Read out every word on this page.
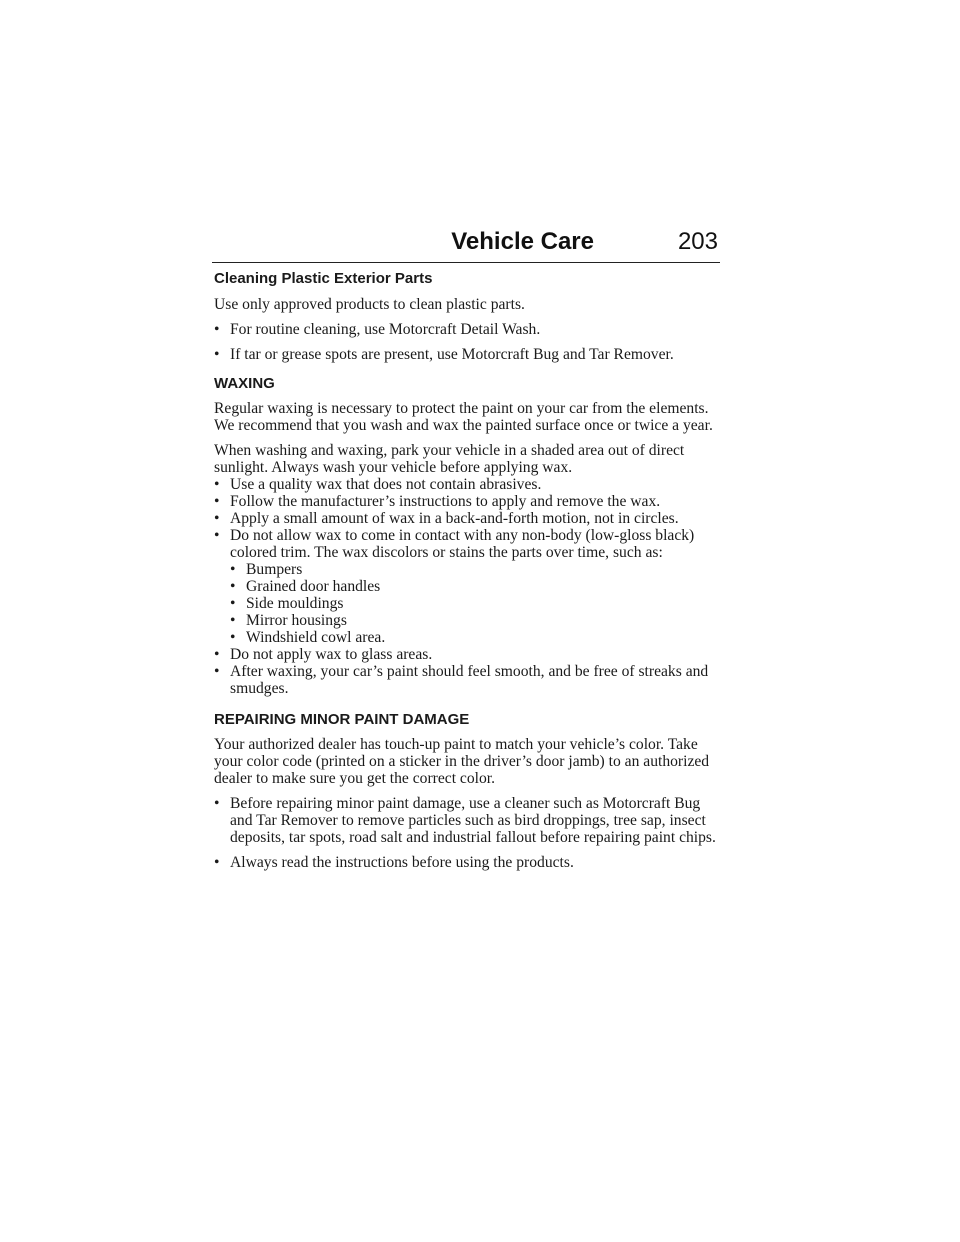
Vehicle Care	203
Cleaning Plastic Exterior Parts

Use only approved products to clean plastic parts.

• For routine cleaning, use Motorcraft Detail Wash.
• If tar or grease spots are present, use Motorcraft Bug and Tar Remover.
WAXING

Regular waxing is necessary to protect the paint on your car from the elements. We recommend that you wash and wax the painted surface once or twice a year.

When washing and waxing, park your vehicle in a shaded area out of direct sunlight. Always wash your vehicle before applying wax.

• Use a quality wax that does not contain abrasives.
• Follow the manufacturer’s instructions to apply and remove the wax.
• Apply a small amount of wax in a back-and-forth motion, not in circles.
• Do not allow wax to come in contact with any non-body (low-gloss black) colored trim. The wax discolors or stains the parts over time, such as:
• Bumpers
• Grained door handles
• Side mouldings
• Mirror housings
• Windshield cowl area.
• Do not apply wax to glass areas.
• After waxing, your car’s paint should feel smooth, and be free of streaks and smudges.
REPAIRING MINOR PAINT DAMAGE

Your authorized dealer has touch-up paint to match your vehicle’s color. Take your color code (printed on a sticker in the driver’s door jamb) to an authorized dealer to make sure you get the correct color.

• Before repairing minor paint damage, use a cleaner such as Motorcraft Bug and Tar Remover to remove particles such as bird droppings, tree sap, insect deposits, tar spots, road salt and industrial fallout before repairing paint chips.
• Always read the instructions before using the products.
